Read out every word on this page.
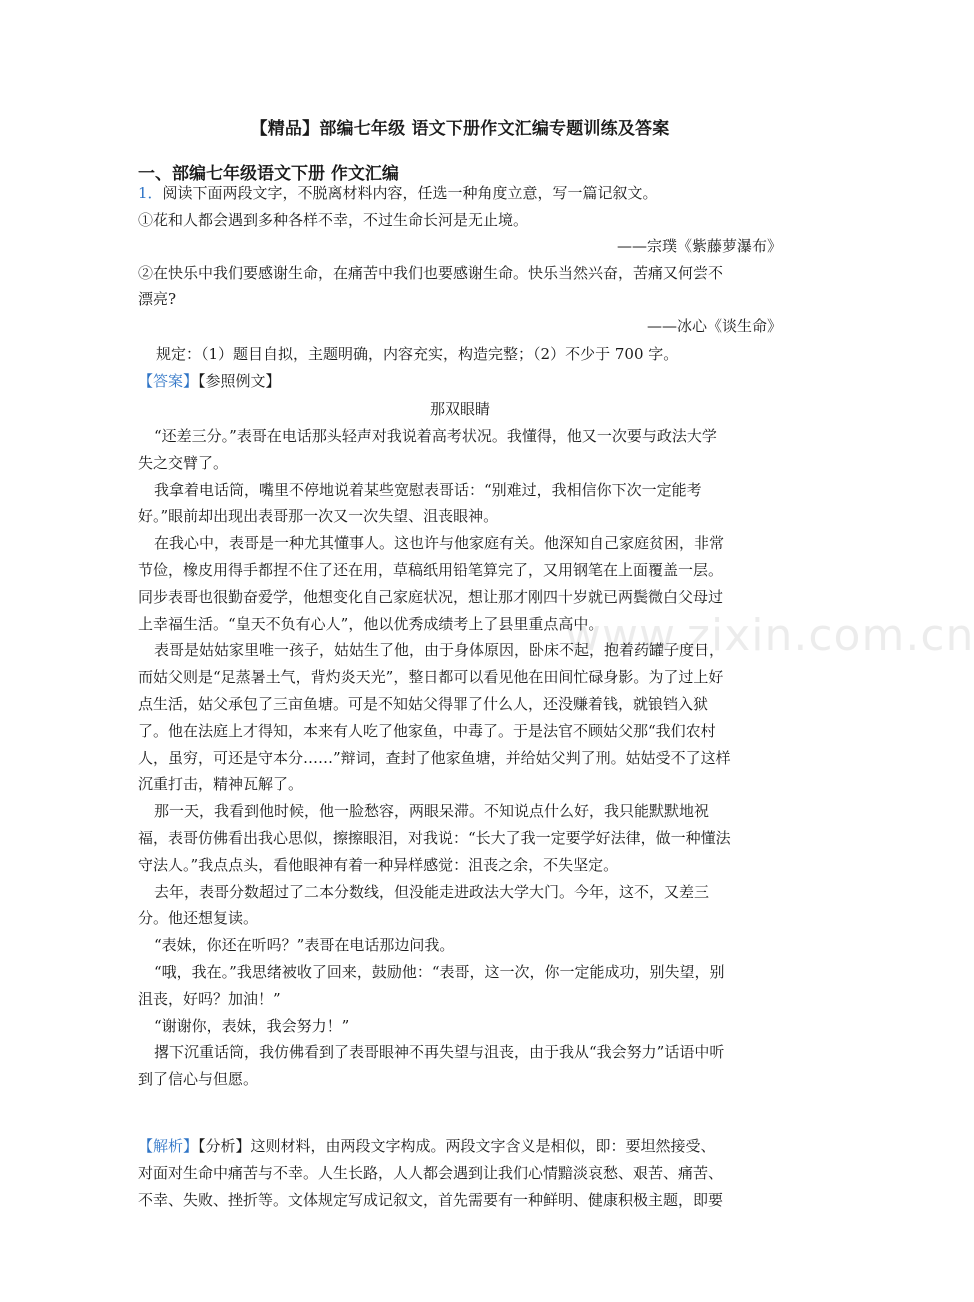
【精品】部编七年级 语文下册作文汇编专题训练及答案
一、部编七年级语文下册 作文汇编
1．阅读下面两段文字，不脱离材料内容，任选一种角度立意，写一篇记叙文。
①花和人都会遇到多种各样不幸，不过生命长河是无止境。
——宗璞《紫藤萝瀑布》
②在快乐中我们要感谢生命，在痛苦中我们也要感谢生命。快乐当然兴奋，苦痛又何尝不
漂亮?
——冰心《谈生命》
规定：（1）题目自拟，主题明确，内容充实，构造完整；（2）不少于 700 字。
【答案】【参照例文】
那双眼睛
“还差三分。”表哥在电话那头轻声对我说着高考状况。我懂得，他又一次要与政法大学
失之交臂了。
我拿着电话筒，嘴里不停地说着某些宽慰表哥话：“别难过，我相信你下次一定能考
好。”眼前却出现出表哥那一次又一次失望、沮丧眼神。
在我心中，表哥是一种尤其懂事人。这也许与他家庭有关。他深知自己家庭贫困，非常
节俭，橡皮用得手都捏不住了还在用，草稿纸用铅笔算完了，又用钢笔在上面覆盖一层。
同步表哥也很勤奋爱学，他想变化自己家庭状况，想让那才刚四十岁就已两鬓微白父母过
上幸福生活。“皇天不负有心人”，他以优秀成绩考上了县里重点高中。
表哥是姑姑家里唯一孩子，姑姑生了他，由于身体原因，卧床不起，抱着药罐子度日，
而姑父则是“足蒸暑土气，背灼炎天光”，整日都可以看见他在田间忙碌身影。为了过上好
点生活，姑父承包了三亩鱼塘。可是不知姑父得罪了什么人，还没赚着钱，就锒铛入狱
了。他在法庭上才得知，本来有人吃了他家鱼，中毒了。于是法官不顾姑父那“我们农村
人，虽穷，可还是守本分……”辩词，查封了他家鱼塘，并给姑父判了刑。姑姑受不了这样
沉重打击，精神瓦解了。
那一天，我看到他时候，他一脸愁容，两眼呆滞。不知说点什么好，我只能默默地祝
福，表哥仿佛看出我心思似，擦擦眼泪，对我说：“长大了我一定要学好法律，做一种懂法
守法人。”我点点头，看他眼神有着一种异样感觉：沮丧之余，不失坚定。
去年，表哥分数超过了二本分数线，但没能走进政法大学大门。今年，这不，又差三
分。他还想复读。
“表妹，你还在听吗？”表哥在电话那边问我。
“哦，我在。”我思绪被收了回来，鼓励他：“表哥，这一次，你一定能成功，别失望，别
沮丧，好吗？加油！”
“谢谢你，表妹，我会努力！”
撂下沉重话筒，我仿佛看到了表哥眼神不再失望与沮丧，由于我从“我会努力”话语中听
到了信心与但愿。
【解析】【分析】这则材料，由两段文字构成。两段文字含义是相似，即：要坦然接受、
对面对生命中痛苦与不幸。人生长路，人人都会遇到让我们心情黯淡哀愁、艰苦、痛苦、
不幸、失败、挫折等。文体规定写成记叙文，首先需要有一种鲜明、健康积极主题，即要
www.zixin.com.cn
